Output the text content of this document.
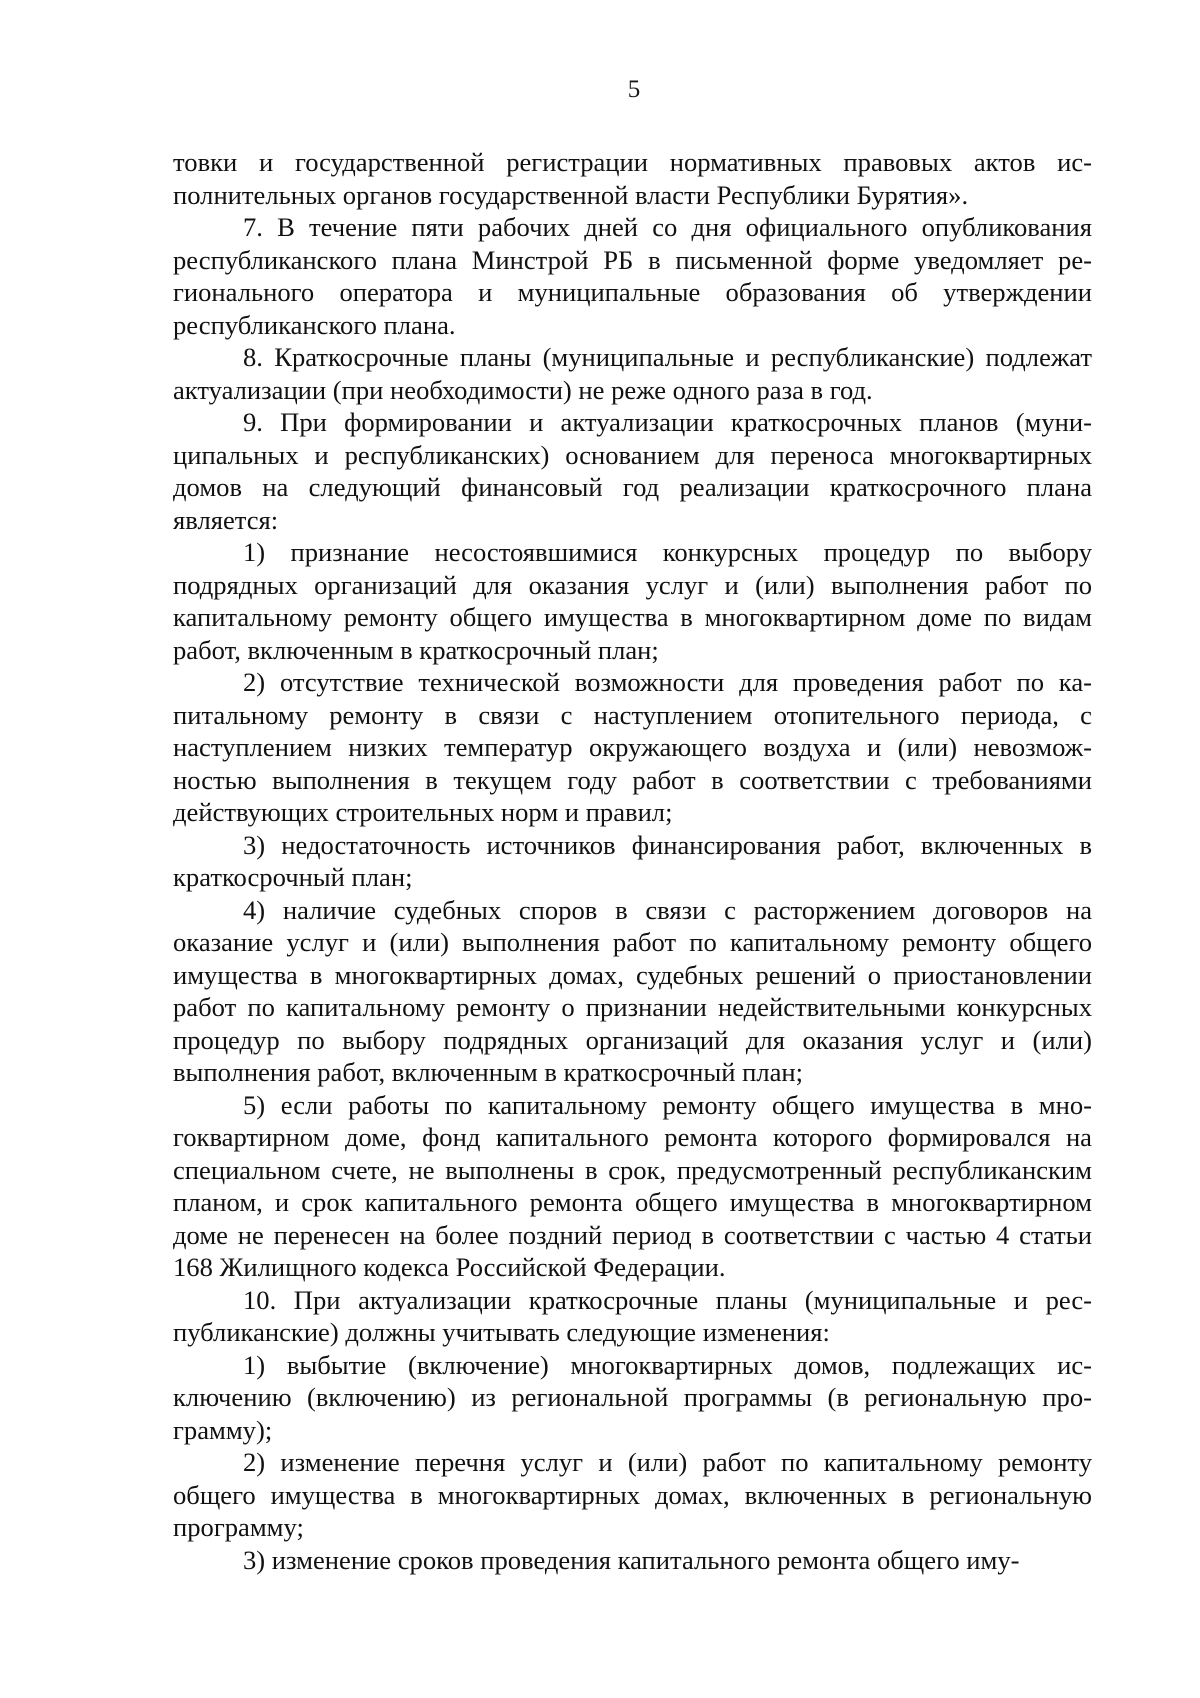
5

товки и государственной регистрации нормативных правовых актов исполнительных органов государственной власти Республики Бурятия».

7. В течение пяти рабочих дней со дня официального опубликования республиканского плана Минстрой РБ в письменной форме уведомляет регионального оператора и муниципальные образования об утверждении республиканского плана.

8. Краткосрочные планы (муниципальные и республиканские) подлежат актуализации (при необходимости) не реже одного раза в год.

9. При формировании и актуализации краткосрочных планов (муниципальных и республиканских) основанием для переноса многоквартирных домов на следующий финансовый год реализации краткосрочного плана является:

1) признание несостоявшимися конкурсных процедур по выбору подрядных организаций для оказания услуг и (или) выполнения работ по капитальному ремонту общего имущества в многоквартирном доме по видам работ, включенным в краткосрочный план;

2) отсутствие технической возможности для проведения работ по капитальному ремонту в связи с наступлением отопительного периода, с наступлением низких температур окружающего воздуха и (или) невозможностью выполнения в текущем году работ в соответствии с требованиями действующих строительных норм и правил;

3) недостаточность источников финансирования работ, включенных в краткосрочный план;

4) наличие судебных споров в связи с расторжением договоров на оказание услуг и (или) выполнения работ по капитальному ремонту общего имущества в многоквартирных домах, судебных решений о приостановлении работ по капитальному ремонту о признании недействительными конкурсных процедур по выбору подрядных организаций для оказания услуг и (или) выполнения работ, включенным в краткосрочный план;

5) если работы по капитальному ремонту общего имущества в многоквартирном доме, фонд капитального ремонта которого формировался на специальном счете, не выполнены в срок, предусмотренный республиканским планом, и срок капитального ремонта общего имущества в многоквартирном доме не перенесен на более поздний период в соответствии с частью 4 статьи 168 Жилищного кодекса Российской Федерации.

10. При актуализации краткосрочные планы (муниципальные и республиканские) должны учитывать следующие изменения:

1) выбытие (включение) многоквартирных домов, подлежащих исключению (включению) из региональной программы (в региональную программу);

2) изменение перечня услуг и (или) работ по капитальному ремонту общего имущества в многоквартирных домах, включенных в региональную программу;

3) изменение сроков проведения капитального ремонта общего иму-
